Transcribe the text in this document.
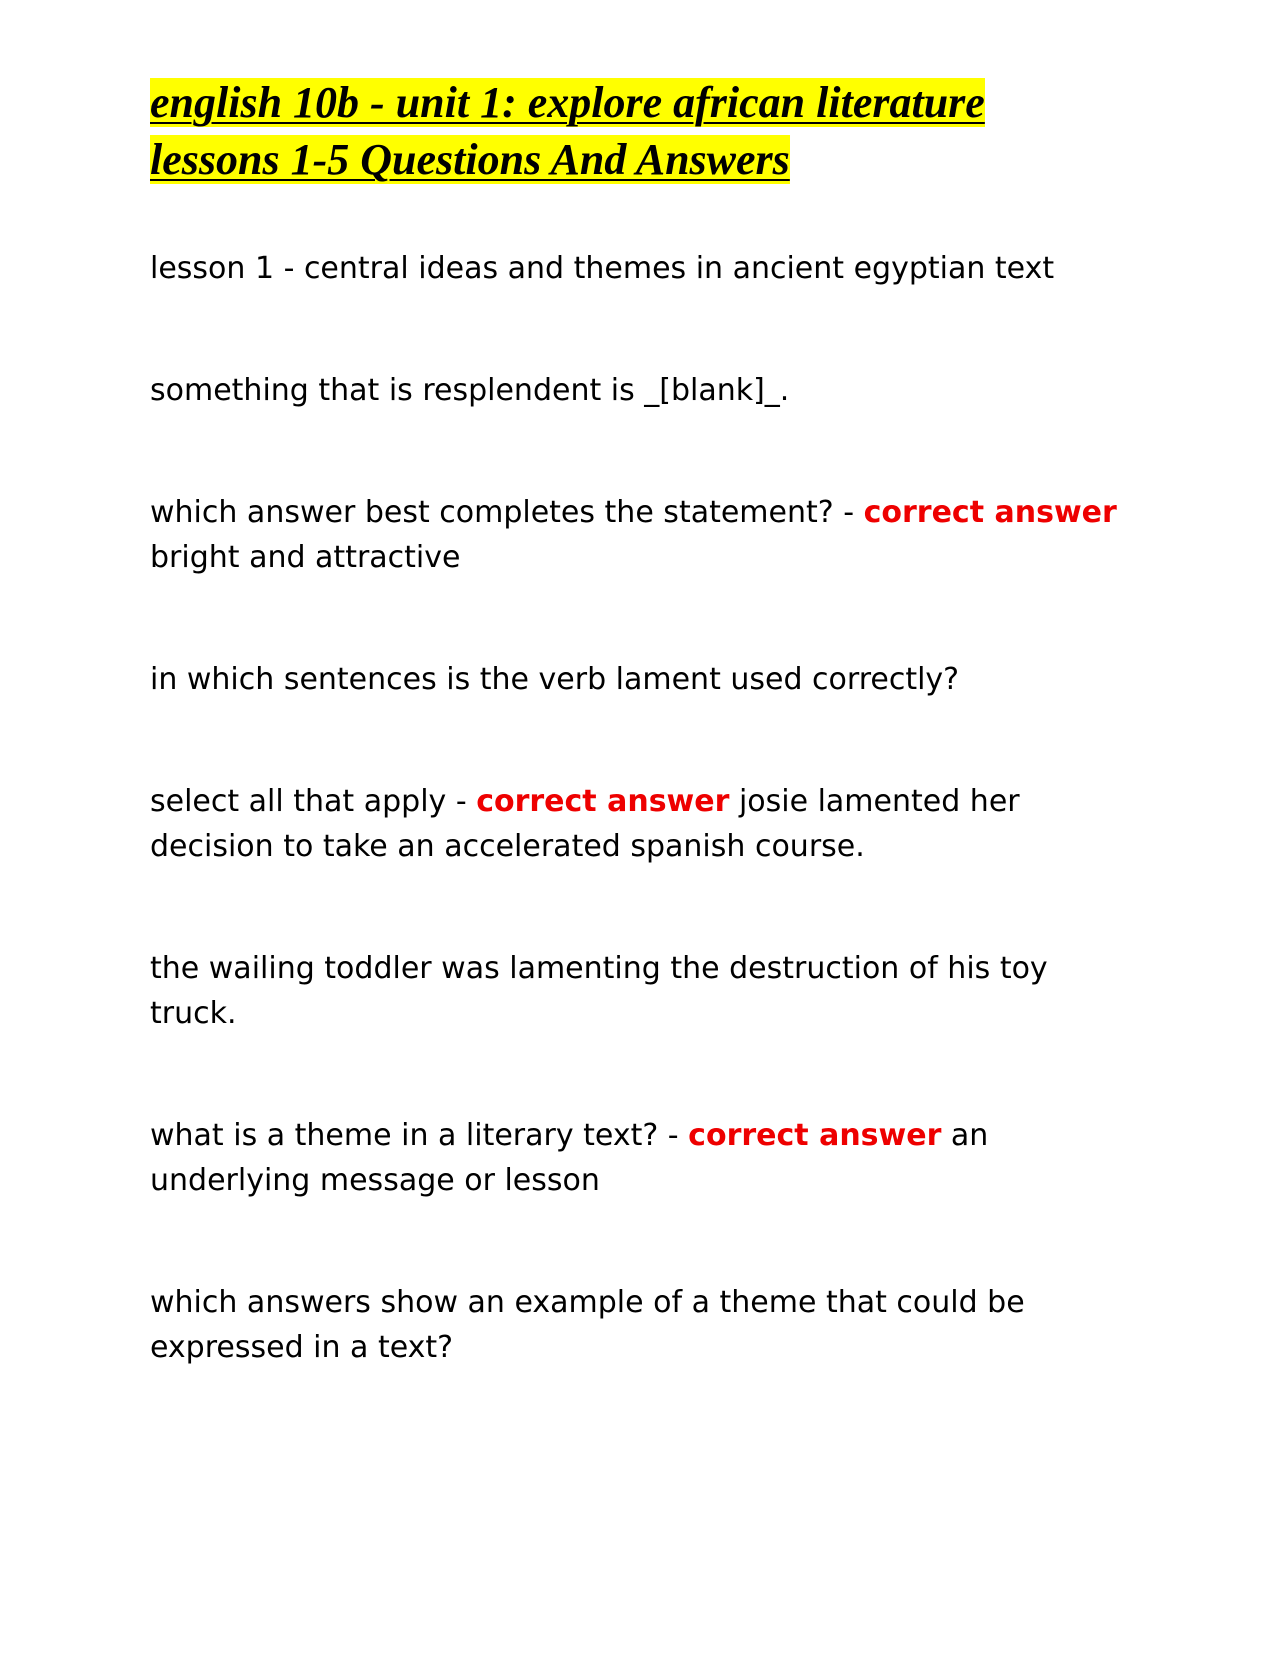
english 10b - unit 1: explore african literature
lessons 1-5 Questions And Answers

lesson 1 - central ideas and themes in ancient egyptian text

something that is resplendent is _[blank]_.

which answer best completes the statement? - correct answer bright and attractive

in which sentences is the verb lament used correctly?

select all that apply - correct answer josie lamented her decision to take an accelerated spanish course.

the wailing toddler was lamenting the destruction of his toy truck.

what is a theme in a literary text? - correct answer an underlying message or lesson

which answers show an example of a theme that could be expressed in a text?
